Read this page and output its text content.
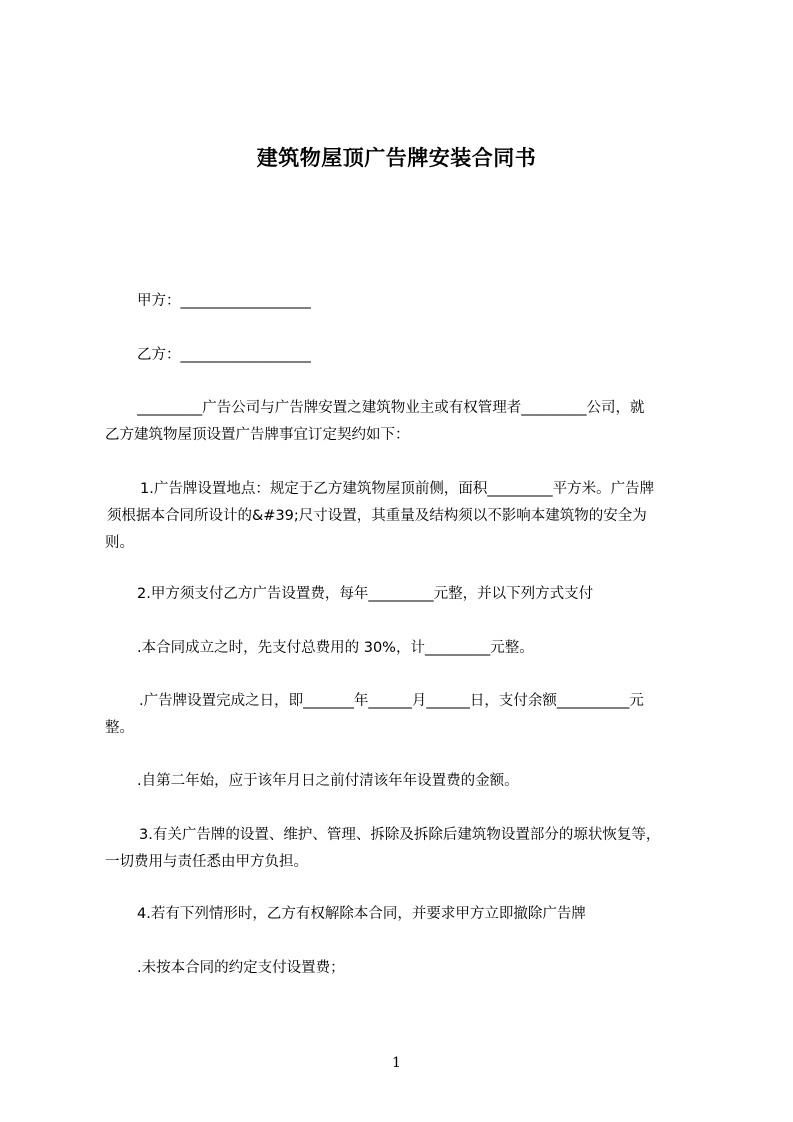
建筑物屋顶广告牌安装合同书
甲方：__________________
乙方：__________________
_________广告公司与广告牌安置之建筑物业主或有权管理者_________公司，就
乙方建筑物屋顶设置广告牌事宜订定契约如下：
1.广告牌设置地点：规定于乙方建筑物屋顶前侧，面积_________平方米。广告牌
须根据本合同所设计的&#39;尺寸设置，其重量及结构须以不影响本建筑物的安全为
则。
2.甲方须支付乙方广告设置费，每年_________元整，并以下列方式支付
.本合同成立之时，先支付总费用的 30%，计_________元整。
.广告牌设置完成之日，即_______年______月______日，支付余额__________元
整。
.自第二年始，应于该年月日之前付清该年年设置费的金额。
3.有关广告牌的设置、维护、管理、拆除及拆除后建筑物设置部分的塬状恢复等，
一切费用与责任悉由甲方负担。
4.若有下列情形时，乙方有权解除本合同，并要求甲方立即撤除广告牌
.未按本合同的约定支付设置费；
1
